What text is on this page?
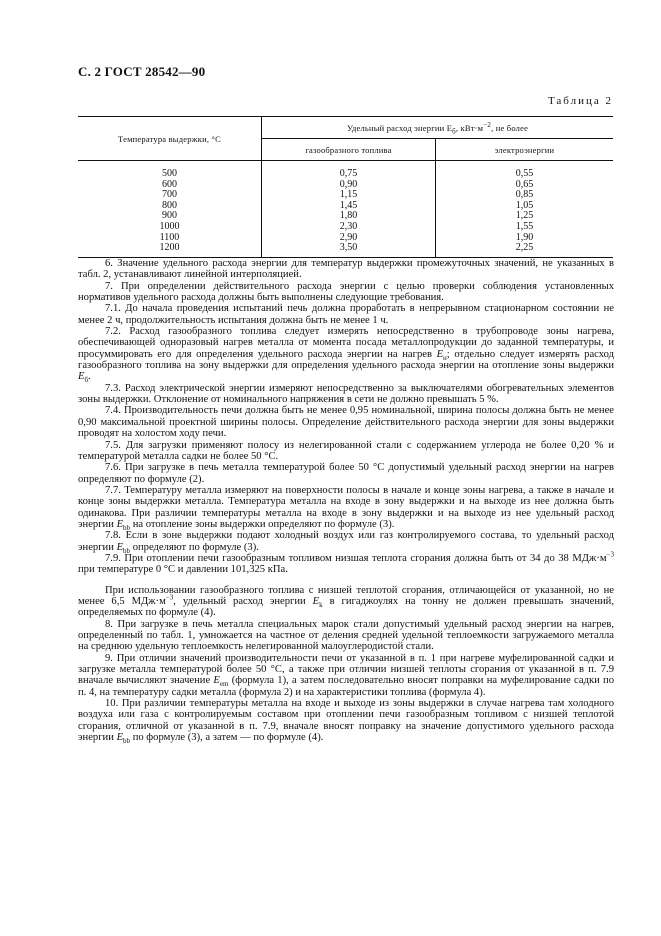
С. 2 ГОСТ 28542—90
Таблица 2
Температура выдержки, °С	Удельный расход энергии $E_б$, $кВт\cdot м^{-2}$, не более	
	газообразного топлива	электроэнергии
500	0,75	0,55
600	0,90	0,65
700	1,15	0,85
800	1,45	1,05
900	1,80	1,25
1000	2,30	1,55
1100	2,90	1,90
1200	3,50	2,25

6. Значение удельного расхода энергии для температур выдержки промежуточных значений, не указанных в табл. 2, устанавливают линейной интерполяцией.

7. При определении действительного расхода энергии с целью проверки соблюдения установленных нормативов удельного расхода должны быть выполнены следующие требования.

7.1. До начала проведения испытаний печь должна проработать в непрерывном стационарном состоянии не менее 2 ч, продолжительность испытания должна быть не менее 1 ч.

7.2. Расход газообразного топлива следует измерять непосредственно в трубопроводе зоны нагрева, обеспечивающей одноразовый нагрев металла от момента посада металлопродукции до заданной температуры, и просуммировать его для определения удельного расхода энергии на нагрев $E_н$; отдельно следует измерять расход газообразного топлива на зону выдержки для определения удельного расхода энергии на отопление зоны выдержки $E_б$.

7.3. Расход электрической энергии измеряют непосредственно за выключателями обогревательных элементов зоны выдержки. Отклонение от номинального напряжения в сети не должно превышать 5 %.

7.4. Производительность печи должна быть не менее 0,95 номинальной, ширина полосы должна быть не менее 0,90 максимальной проектной ширины полосы. Определение действительного расхода энергии для зоны выдержки проводят на холостом ходу печи.

7.5. Для загрузки применяют полосу из нелегированной стали с содержанием углерода не более 0,20 % и температурой металла садки не более 50 °С.

7.6. При загрузке в печь металла температурой более 50 °С допустимый удельный расход энергии на нагрев определяют по формуле (2).

7.7. Температуру металла измеряют на поверхности полосы в начале и конце зоны нагрева, а также в начале и конце зоны выдержки металла. Температура металла на входе в зону выдержки и на выходе из нее должна быть одинакова. При различии температуры металла на входе в зону выдержки и на выходе из нее удельный расход энергии $E_{bb}$ на отопление зоны выдержки определяют по формуле (3).

7.8. Если в зоне выдержки подают холодный воздух или газ контролируемого состава, то удельный расход энергии $E_{bb}$ определяют по формуле (3).

7.9. При отоплении печи газообразным топливом низшая теплота сгорания должна быть от 34 до 38 $МДж\cdot м^{-3}$ при температуре 0 °С и давлении 101,325 кПа.

При использовании газообразного топлива с низшей теплотой сгорания, отличающейся от указанной, но не менее 6,5 $МДж\cdot м^{-3}$, удельный расход энергии $E_k$ в гигаджоулях на тонну не должен превышать значений, определяемых по формуле (4).

8. При загрузке в печь металла специальных марок стали допустимый удельный расход энергии на нагрев, определенный по табл. 1, умножается на частное от деления средней удельной теплоемкости загружаемого металла на среднюю удельную теплоемкость нелегированной малоуглеродистой стали.

9. При отличии значений производительности печи от указанной в п. 1 при нагреве муфелированной садки и загрузке металла температурой более 50 °С, а также при отличии низшей теплоты сгорания от указанной в п. 7.9 вначале вычисляют значение $E_{em}$ (формула 1), а затем последовательно вносят поправки на муфелирование садки по п. 4, на температуру садки металла (формула 2) и на характеристики топлива (формула 4).

10. При различии температуры металла на входе и выходе из зоны выдержки в случае нагрева там холодного воздуха или газа с контролируемым составом при отоплении печи газообразным топливом с низшей теплотой сгорания, отличной от указанной в п. 7.9, вначале вносят поправку на значение допустимого удельного расхода энергии $E_{bb}$ по формуле (3), а затем — по формуле (4).
